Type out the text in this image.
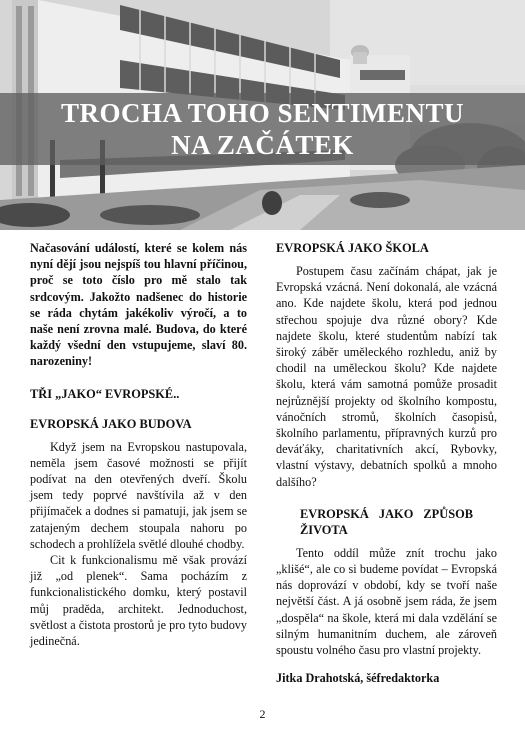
TROCHA TOHO SENTIMENTU
NA ZAČÁTEK

Načasování událostí, které se kolem nás nyní dějí jsou nejspíš tou hlavní příčinou, proč se toto číslo pro mě stalo tak srdcovým. Jakožto nadšenec do historie se ráda chytám jakékoliv výročí, a to naše není zrovna malé. Budova, do které každý všední den vstupujeme, slaví 80. narozeniny!

TŘI „JAKO“ EVROPSKÉ..

EVROPSKÁ JAKO BUDOVA

Když jsem na Evropskou nastupovala, neměla jsem časové možnosti se přijít podívat na den otevřených dveří. Školu jsem tedy poprvé navštívila až v den přijímaček a dodnes si pamatuji, jak jsem se zatajeným dechem stoupala nahoru po schodech a prohlížela světlé dlouhé chodby.

Cit k funkcionalismu mě však provází již „od plenek“. Sama pocházím z funkcionalistického domku, který postavil můj praděda, architekt. Jednoduchost, světlost a čistota prostorů je pro tyto budovy jedinečná.

EVROPSKÁ JAKO ŠKOLA

Postupem času začínám chápat, jak je Evropská vzácná. Není dokonalá, ale vzácná ano. Kde najdete školu, která pod jednou střechou spojuje dva různé obory? Kde najdete školu, které studentům nabízí tak široký záběr uměleckého rozhledu, aniž by chodil na uměleckou školu? Kde najdete školu, která vám samotná pomůže prosadit nejrůznější projekty od školního kompostu, vánočních stromů, školních časopisů, školního parlamentu, přípravných kurzů pro deváťáky, charitativních akcí, Rybovky, vlastní výstavy, debatních spolků a mnoho dalšího?

EVROPSKÁ JAKO ZPŮSOB ŽIVOTA

Tento oddíl může znít trochu jako „klišé“, ale co si budeme povídat – Evropská nás doprovází v období, kdy se tvoří naše největší část. A já osobně jsem ráda, že jsem „dospěla“ na škole, která mi dala vzdělání se silným humanitním duchem, ale zároveň spoustu volného času pro vlastní projekty.

Jitka Drahotská, šéfredaktorka

2
